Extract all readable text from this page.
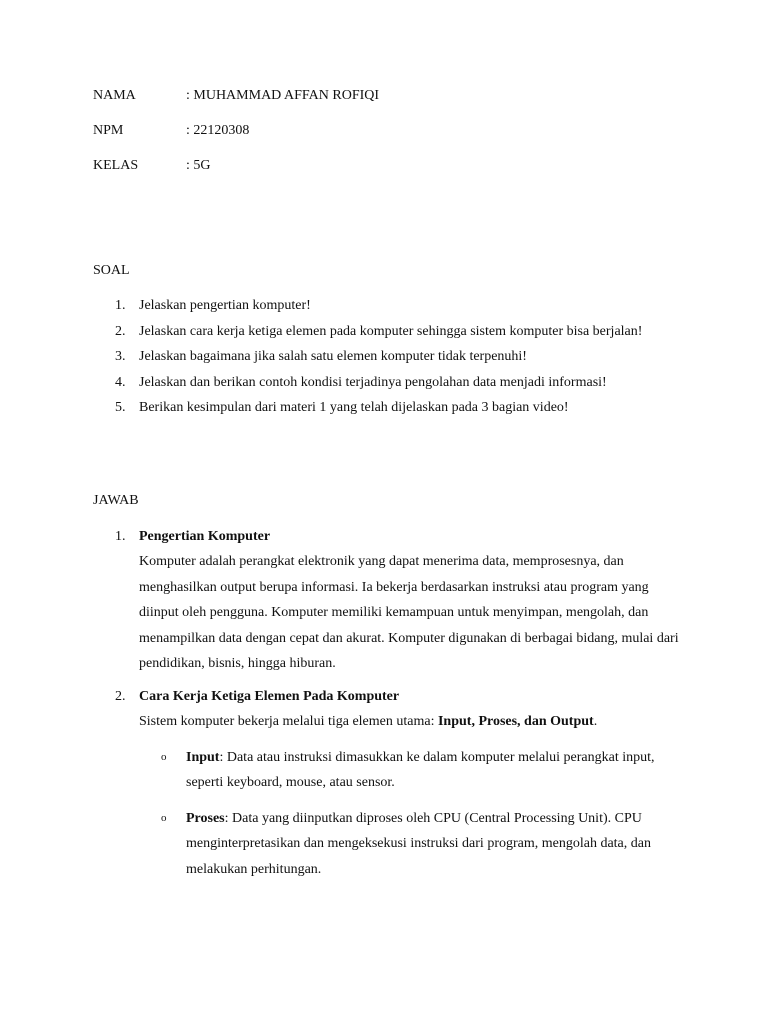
NAMA	: MUHAMMAD AFFAN ROFIQI
NPM	: 22120308
KELAS	: 5G
SOAL
1. Jelaskan pengertian komputer!
2. Jelaskan cara kerja ketiga elemen pada komputer sehingga sistem komputer bisa berjalan!
3. Jelaskan bagaimana jika salah satu elemen komputer tidak terpenuhi!
4. Jelaskan dan berikan contoh kondisi terjadinya pengolahan data menjadi informasi!
5. Berikan kesimpulan dari materi 1 yang telah dijelaskan pada 3 bagian video!
JAWAB
1. Pengertian Komputer
Komputer adalah perangkat elektronik yang dapat menerima data, memprosesnya, dan menghasilkan output berupa informasi. Ia bekerja berdasarkan instruksi atau program yang diinput oleh pengguna. Komputer memiliki kemampuan untuk menyimpan, mengolah, dan menampilkan data dengan cepat dan akurat. Komputer digunakan di berbagai bidang, mulai dari pendidikan, bisnis, hingga hiburan.
2. Cara Kerja Ketiga Elemen Pada Komputer
Sistem komputer bekerja melalui tiga elemen utama: Input, Proses, dan Output.
o	Input: Data atau instruksi dimasukkan ke dalam komputer melalui perangkat input, seperti keyboard, mouse, atau sensor.
o	Proses: Data yang diinputkan diproses oleh CPU (Central Processing Unit). CPU menginterpretasikan dan mengeksekusi instruksi dari program, mengolah data, dan melakukan perhitungan.
